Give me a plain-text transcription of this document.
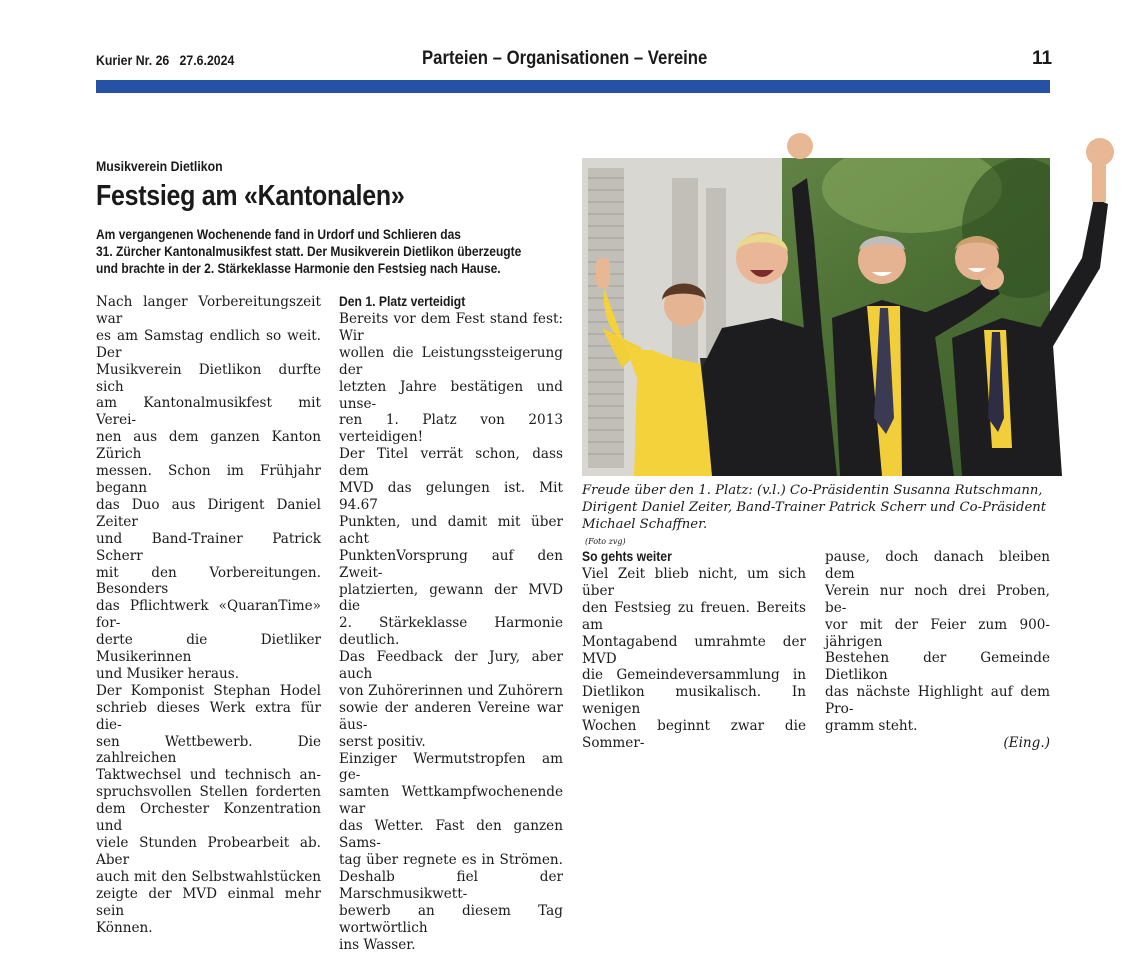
Kurier Nr. 26 27.6.2024	Parteien – Organisationen – Vereine	11
Musikverein Dietlikon
Festsieg am «Kantonalen»
Am vergangenen Wochenende fand in Urdorf und Schlieren das
31. Zürcher Kantonalmusikfest statt. Der Musikverein Dietlikon überzeugte
und brachte in der 2. Stärkeklasse Harmonie den Festsieg nach Hause.
Nach langer Vorbereitungszeit war
es am Samstag endlich so weit. Der
Musikverein Dietlikon durfte sich
am Kantonalmusikfest mit Verei-
nen aus dem ganzen Kanton Zürich
messen. Schon im Frühjahr begann
das Duo aus Dirigent Daniel Zeiter
und Band-Trainer Patrick Scherr
mit den Vorbereitungen. Besonders
das Pflichtwerk «QuaranTime» for-
derte die Dietliker Musikerinnen
und Musiker heraus.
Der Komponist Stephan Hodel
schrieb dieses Werk extra für die-
sen Wettbewerb. Die zahlreichen
Taktwechsel und technisch an-
spruchsvollen Stellen forderten
dem Orchester Konzentration und
viele Stunden Probearbeit ab. Aber
auch mit den Selbstwahlstücken
zeigte der MVD einmal mehr sein
Können.
Den 1. Platz verteidigt
Bereits vor dem Fest stand fest: Wir
wollen die Leistungssteigerung der
letzten Jahre bestätigen und unse-
ren 1. Platz von 2013 verteidigen!
Der Titel verrät schon, dass dem
MVD das gelungen ist. Mit 94.67
Punkten, und damit mit über acht
PunktenVorsprung auf den Zweit-
platzierten, gewann der MVD die
2. Stärkeklasse Harmonie deutlich.
Das Feedback der Jury, aber auch
von Zuhörerinnen und Zuhörern
sowie der anderen Vereine war äus-
serst positiv.
Einziger Wermutstropfen am ge-
samten Wettkampfwochenende war
das Wetter. Fast den ganzen Sams-
tag über regnete es in Strömen.
Deshalb fiel der Marschmusikwett-
bewerb an diesem Tag wortwörtlich
ins Wasser.
Freude über den 1. Platz: (v.l.) Co-Präsidentin Susanna Rutschmann,
Dirigent Daniel Zeiter, Band-Trainer Patrick Scherr und Co-Präsident
Michael Schaffner.
(Foto zvg)
So gehts weiter
Viel Zeit blieb nicht, um sich über
den Festsieg zu freuen. Bereits am
Montagabend umrahmte der MVD
die Gemeindeversammlung in
Dietlikon musikalisch. In wenigen
Wochen beginnt zwar die Sommer-
pause, doch danach bleiben dem
Verein nur noch drei Proben, be-
vor mit der Feier zum 900-jährigen
Bestehen der Gemeinde Dietlikon
das nächste Highlight auf dem Pro-
gramm steht.
(Eing.)
